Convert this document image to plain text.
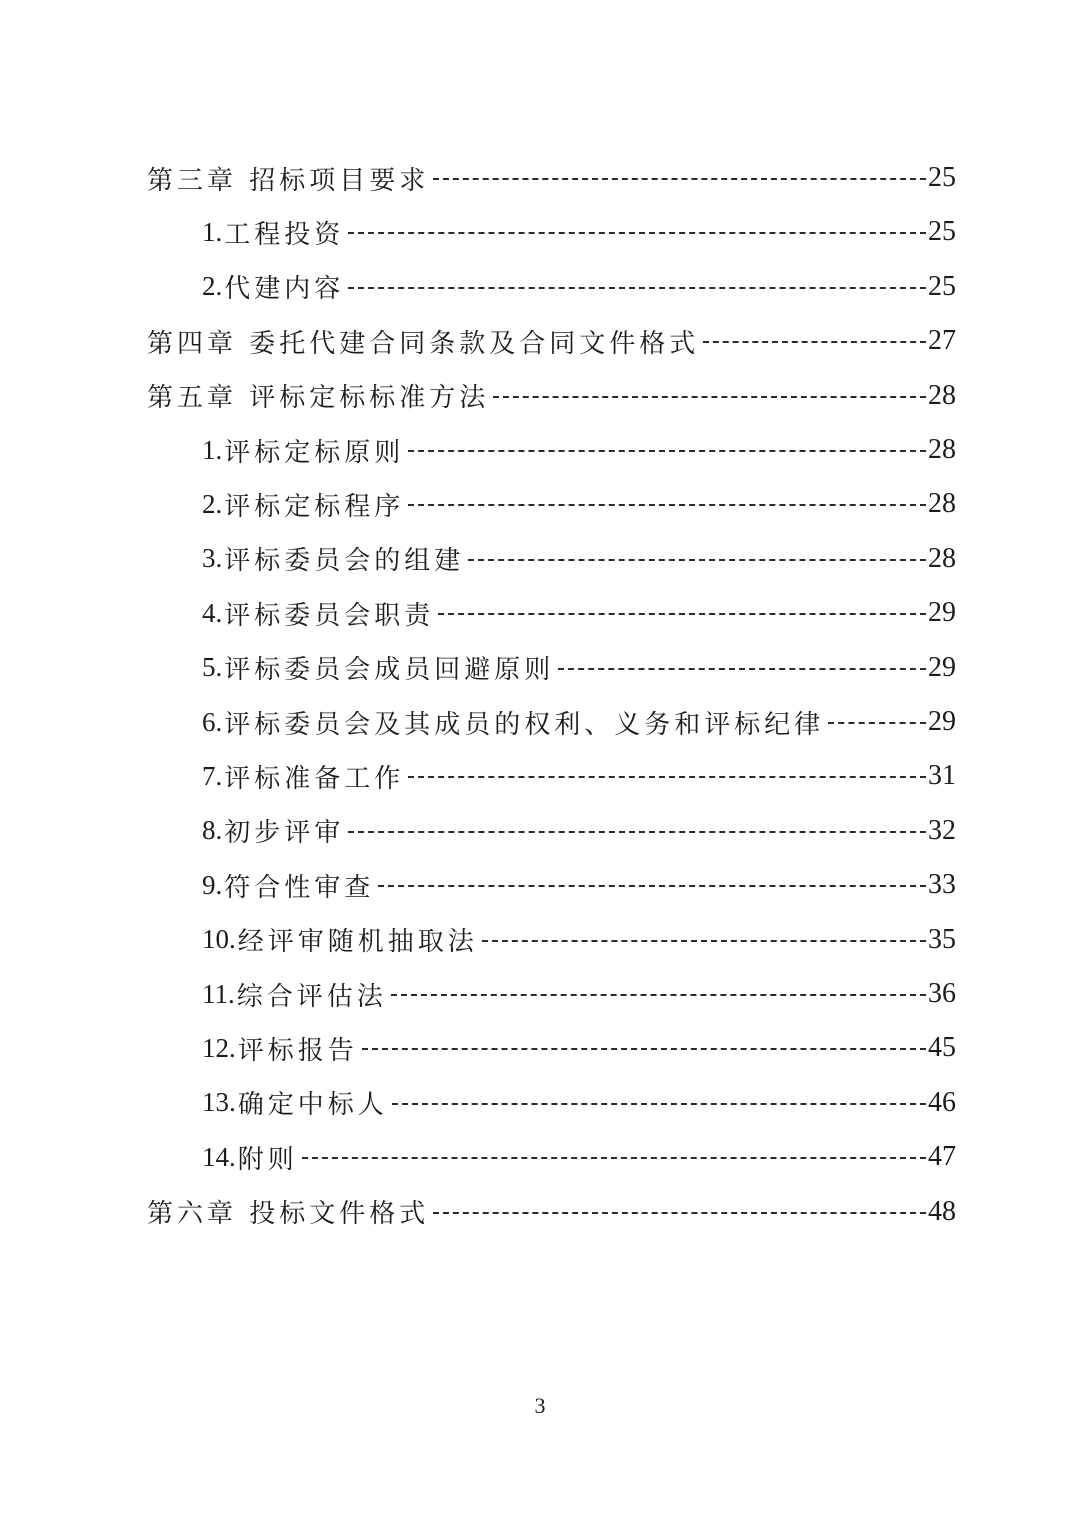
第三章 招标项目要求	25
1. 工程投资	25
2. 代建内容	25
第四章 委托代建合同条款及合同文件格式	27
第五章 评标定标标准方法	28
1. 评标定标原则	28
2. 评标定标程序	28
3. 评标委员会的组建	28
4. 评标委员会职责	29
5. 评标委员会成员回避原则	29
6. 评标委员会及其成员的权利、义务和评标纪律	29
7. 评标准备工作	31
8. 初步评审	32
9. 符合性审查	33
10. 经评审随机抽取法	35
11. 综合评估法	36
12. 评标报告	45
13. 确定中标人	46
14. 附则	47
第六章 投标文件格式	48
3
